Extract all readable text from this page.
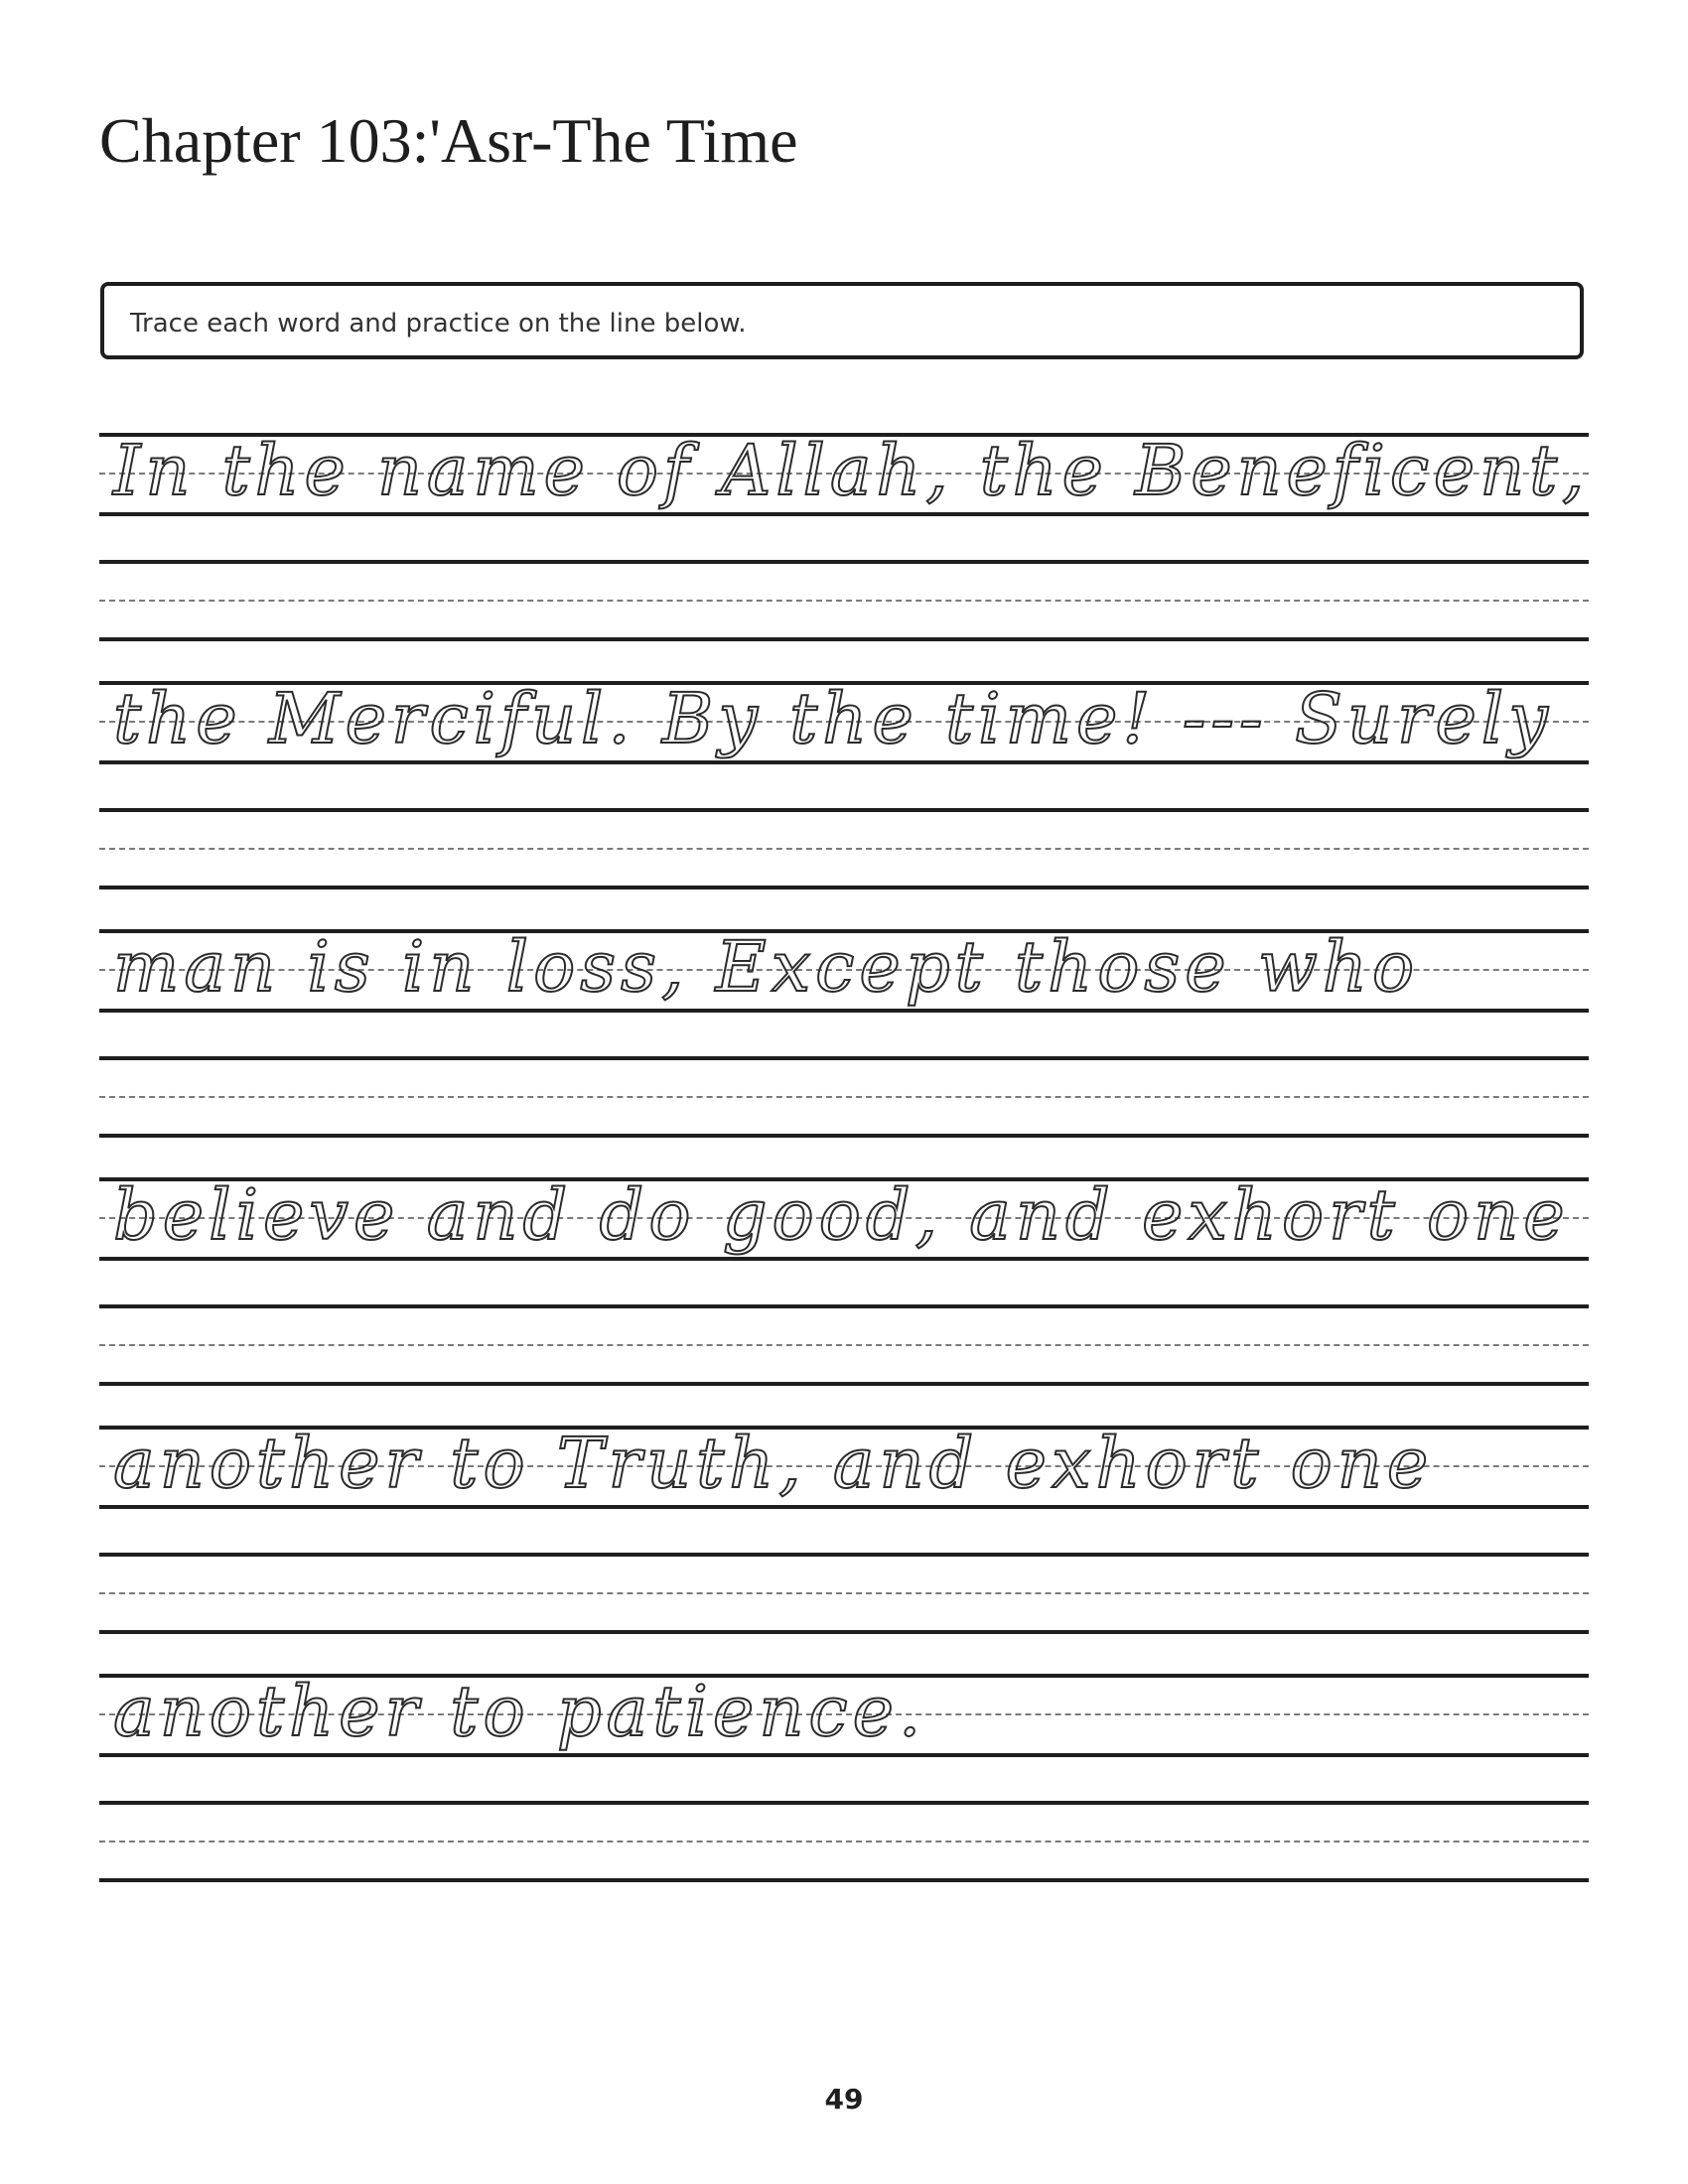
Chapter 103:'Asr-The Time
Trace each word and practice on the line below.
In the name of Allah, the Beneficent,
the Merciful. By the time! --- Surely
man is in loss, Except those who
believe and do good, and exhort one
another to Truth, and exhort one
another to patience.
49
